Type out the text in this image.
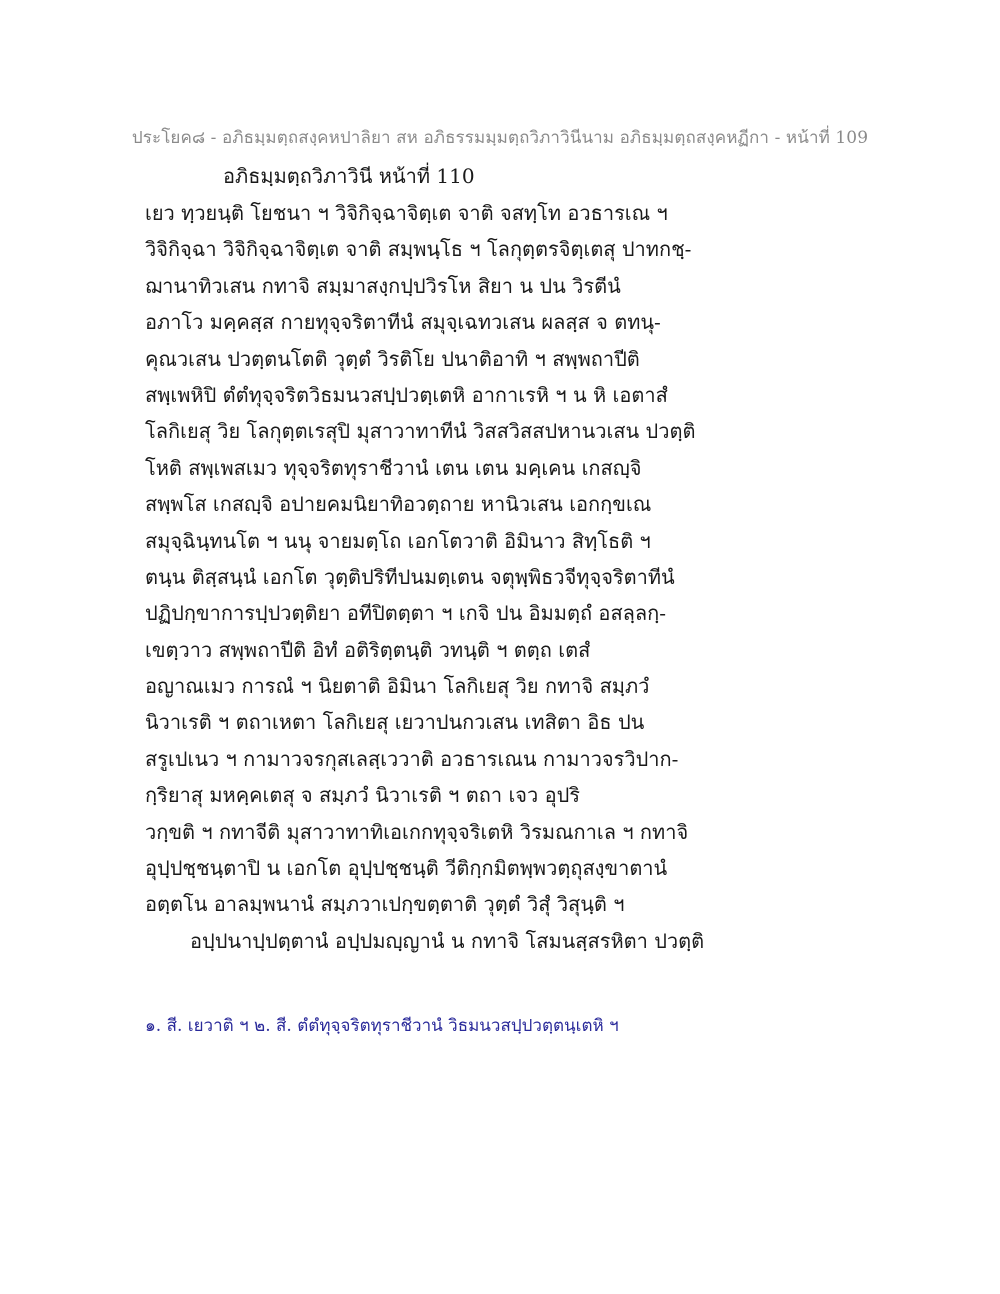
ประโยค๘ - อภิธมฺมตฺถสงฺคหปาลิยา สห อภิธรรมมฺมตฺถวิภาวินีนาม อภิธมฺมตฺถสงฺคหฏีกา - หน้าที่ 109
อภิธมฺมตฺถวิภาวินี หน้าที่ 110
เยว ทฺวยนฺติ โยชนา ฯ วิจิกิจฺฉาจิตฺเต จาติ จสทฺโท อวธารเณ ฯ
วิจิกิจฺฉา วิจิกิจฺฉาจิตฺเต จาติ สมฺพนฺโธ ฯ โลกุตฺตรจิตฺเตสุ ปาทกชฺ-
ฌานาทิวเสน กทาจิ สมฺมาสงฺกปฺปวิรโห สิยา น ปน วิรตีนํ
อภาโว มคฺคสฺส กายทุจฺจริตาทีนํ สมุจฺเฉทวเสน ผลสฺส จ ตทนุ-
คุณวเสน ปวตฺตนโตติ วุตฺตํ วิรติโย ปนาติอาทิ ฯ สพฺพถาปีติ
สพฺเพหิปิ ตํตํทุจฺจริตวิธมนวสปฺปวตฺเตหิ อากาเรหิ ฯ น หิ เอตาสํ
โลกิเยสุ วิย โลกุตฺตเรสุปิ มุสาวาทาทีนํ วิสสวิสสปหานวเสน ปวตฺติ
โหติ สพฺเพสเมว ทุจฺจริตทุราชีวานํ เตน เตน มคฺเคน เกสญฺจิ
สพฺพโส เกสญฺจิ อปายคมนิยาทิอวตฺถาย หานิวเสน เอกกฺขเณ
สมุจฺฉินฺทนโต ฯ นนุ จายมตฺโถ เอกโตวาติ อิมินาว สิทฺโธติ ฯ
ตนฺน ติสฺสนฺนํ เอกโต วุตฺติปริทีปนมตฺเตน จตุพฺพิธวจีทุจฺจริตาทีนํ
ปฏิปกฺขาการปฺปวตฺติยา อทีปิตตฺตา ฯ เกจิ ปน อิมมตฺถํ อสลฺลกฺ-
เขตฺวาว สพฺพถาปีติ อิทํ อติริตฺตนฺติ วทนฺติ ฯ ตตฺถ เตสํ
อญาณเมว การณํ ฯ นิยตาติ อิมินา โลกิเยสุ วิย กทาจิ สมฺภวํ
นิวาเรติ ฯ ตถาเหตา โลกิเยสุ เยวาปนกวเสน เทสิตา อิธ ปน
สรูเปเนว ฯ กามาวจรกุสเลสฺเววาติ อวธารเณน กามาวจรวิปาก-
กฺริยาสุ มหคฺคเตสุ จ สมฺภวํ นิวาเรติ ฯ ตถา เจว อุปริ
วกฺขติ ฯ กทาจีติ มุสาวาทาทิเอเกกทุจฺจริเตหิ วิรมณกาเล ฯ กทาจิ
อุปฺปชฺชนฺตาปิ น เอกโต อุปฺปชฺชนฺติ วีติกฺกมิตพฺพวตฺถุสงฺขาตานํ
อตฺตโน อาลมฺพนานํ สมฺภวาเปกฺขตฺตาติ วุตฺตํ วิสุํ วิสุนฺติ ฯ
อปฺปนาปฺปตฺตานํ อปฺปมญฺญานํ น กทาจิ โสมนสฺสรหิตา ปวตฺติ
๑. สี. เยวาติ ฯ ๒. สี. ตํตํทุจฺจริตทุราชีวานํ วิธมนวสปฺปวตฺตนฺเตหิ ฯ
